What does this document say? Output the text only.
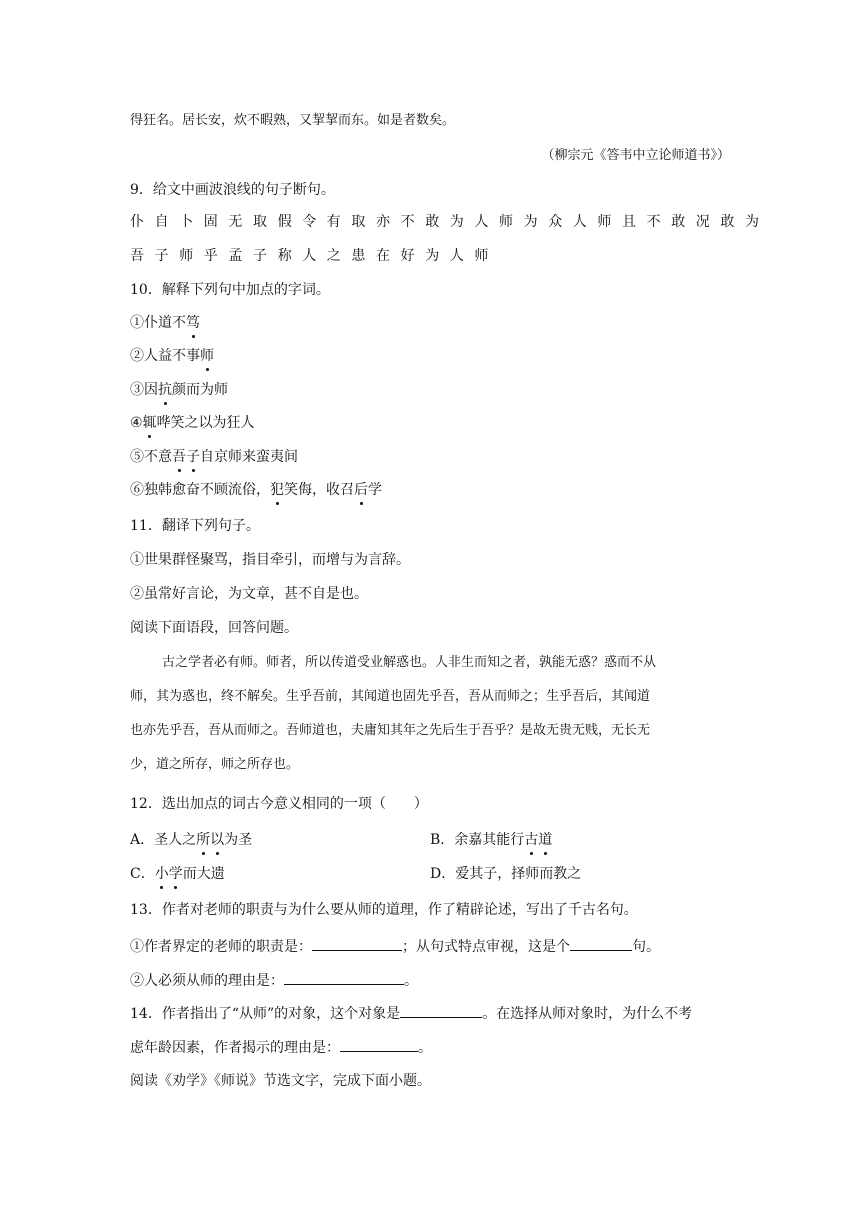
得狂名。居长安，炊不暇熟，又挈挈而东。如是者数矣。
（柳宗元《答韦中立论师道书》）
9．给文中画波浪线的句子断句。
仆自卜固无取假令有取亦不敢为人师为众人师且不敢况敢为
吾子师乎孟子称人之患在好为人师
10．解释下列句中加点的字词。
①仆道不笃
②人益不事师
③因抗颜而为师
④辄哗笑之以为狂人
⑤不意吾子自京师来蛮夷间
⑥独韩愈奋不顾流俗，犯笑侮，收召后学
11．翻译下列句子。
①世果群怪聚骂，指目牵引，而增与为言辞。
②虽常好言论，为文章，甚不自是也。
阅读下面语段，回答问题。
古之学者必有师。师者，所以传道受业解惑也。人非生而知之者，孰能无惑？惑而不从
师，其为惑也，终不解矣。生乎吾前，其闻道也固先乎吾，吾从而师之；生乎吾后，其闻道
也亦先乎吾，吾从而师之。吾师道也，夫庸知其年之先后生于吾乎？是故无贵无贱，无长无
少，道之所存，师之所存也。
12．选出加点的词古今意义相同的一项（　　）
A．圣人之所以为圣	B．余嘉其能行古道
C．小学而大遗	D．爱其子，择师而教之
13．作者对老师的职责与为什么要从师的道理，作了精辟论述，写出了千古名句。
①作者界定的老师的职责是：	；从句式特点审视，这是个	句。
②人必须从师的理由是：	。
14．作者指出了“从师”的对象，这个对象是	。在选择从师对象时，为什么不考
虑年龄因素，作者揭示的理由是：	。
阅读《劝学》《师说》节选文字，完成下面小题。
